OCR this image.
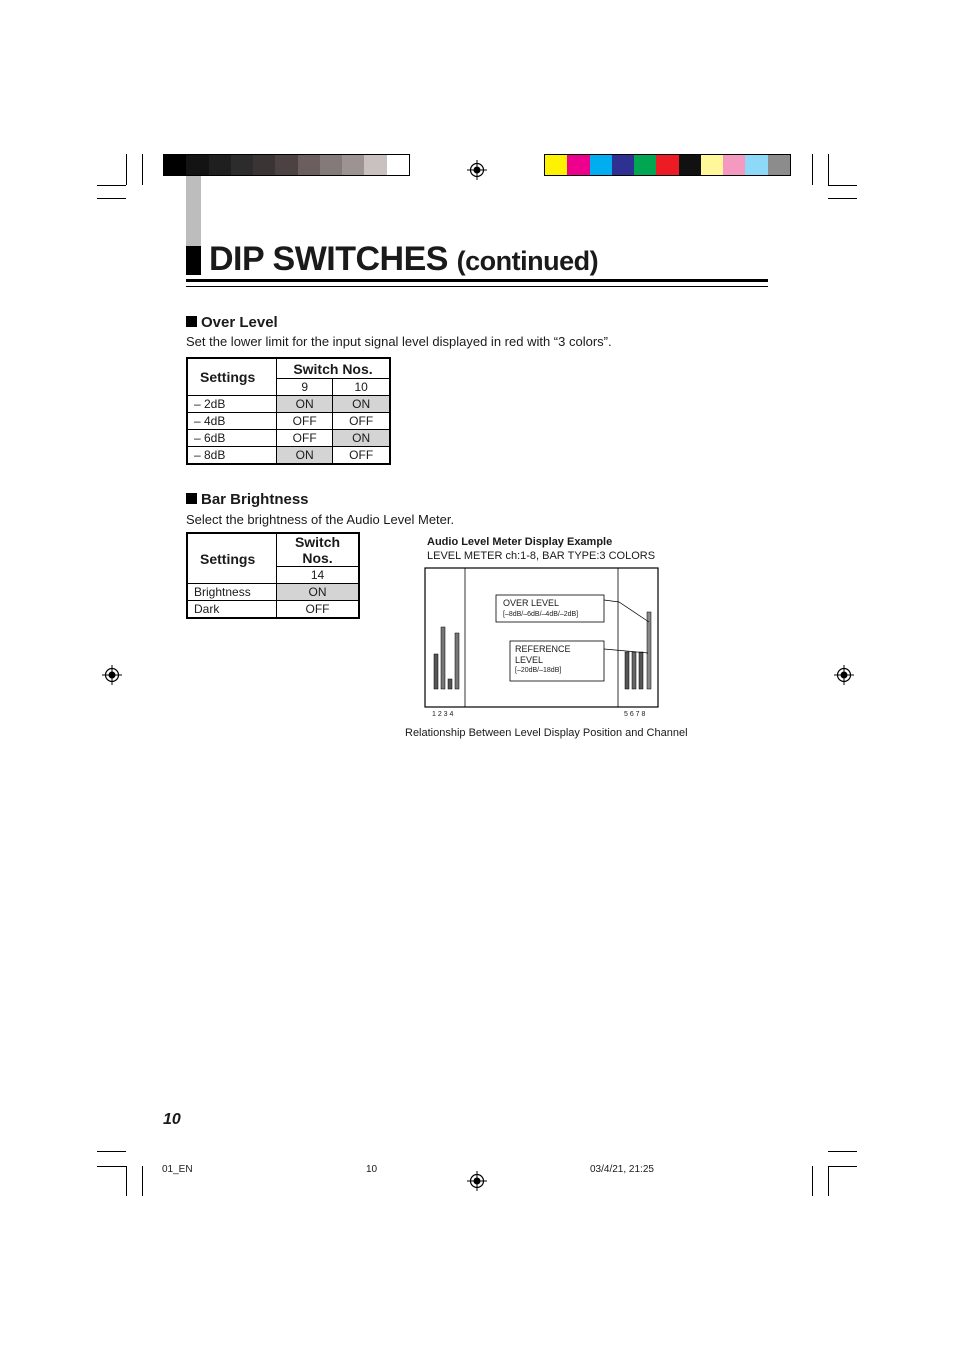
DIP SWITCHES (continued)
Over Level
Set the lower limit for the input signal level displayed in red with “3 colors”.
Settings	Switch Nos.	
	9	10
– 2dB	ON	ON
– 4dB	OFF	OFF
– 6dB	OFF	ON
– 8dB	ON	OFF
Bar Brightness
Select the brightness of the Audio Level Meter.
Settings	Switch Nos.
	14
Brightness	ON
Dark	OFF
Audio Level Meter Display Example
LEVEL METER ch:1-8, BAR TYPE:3 COLORS
OVER LEVEL
[–8dB/–6dB/–4dB/–2dB]
REFERENCE
LEVEL
[–20dB/–18dB]
1 2 3 4	5 6 7 8
Relationship Between Level Display Position and Channel
10
01_EN	10	03/4/21, 21:25
